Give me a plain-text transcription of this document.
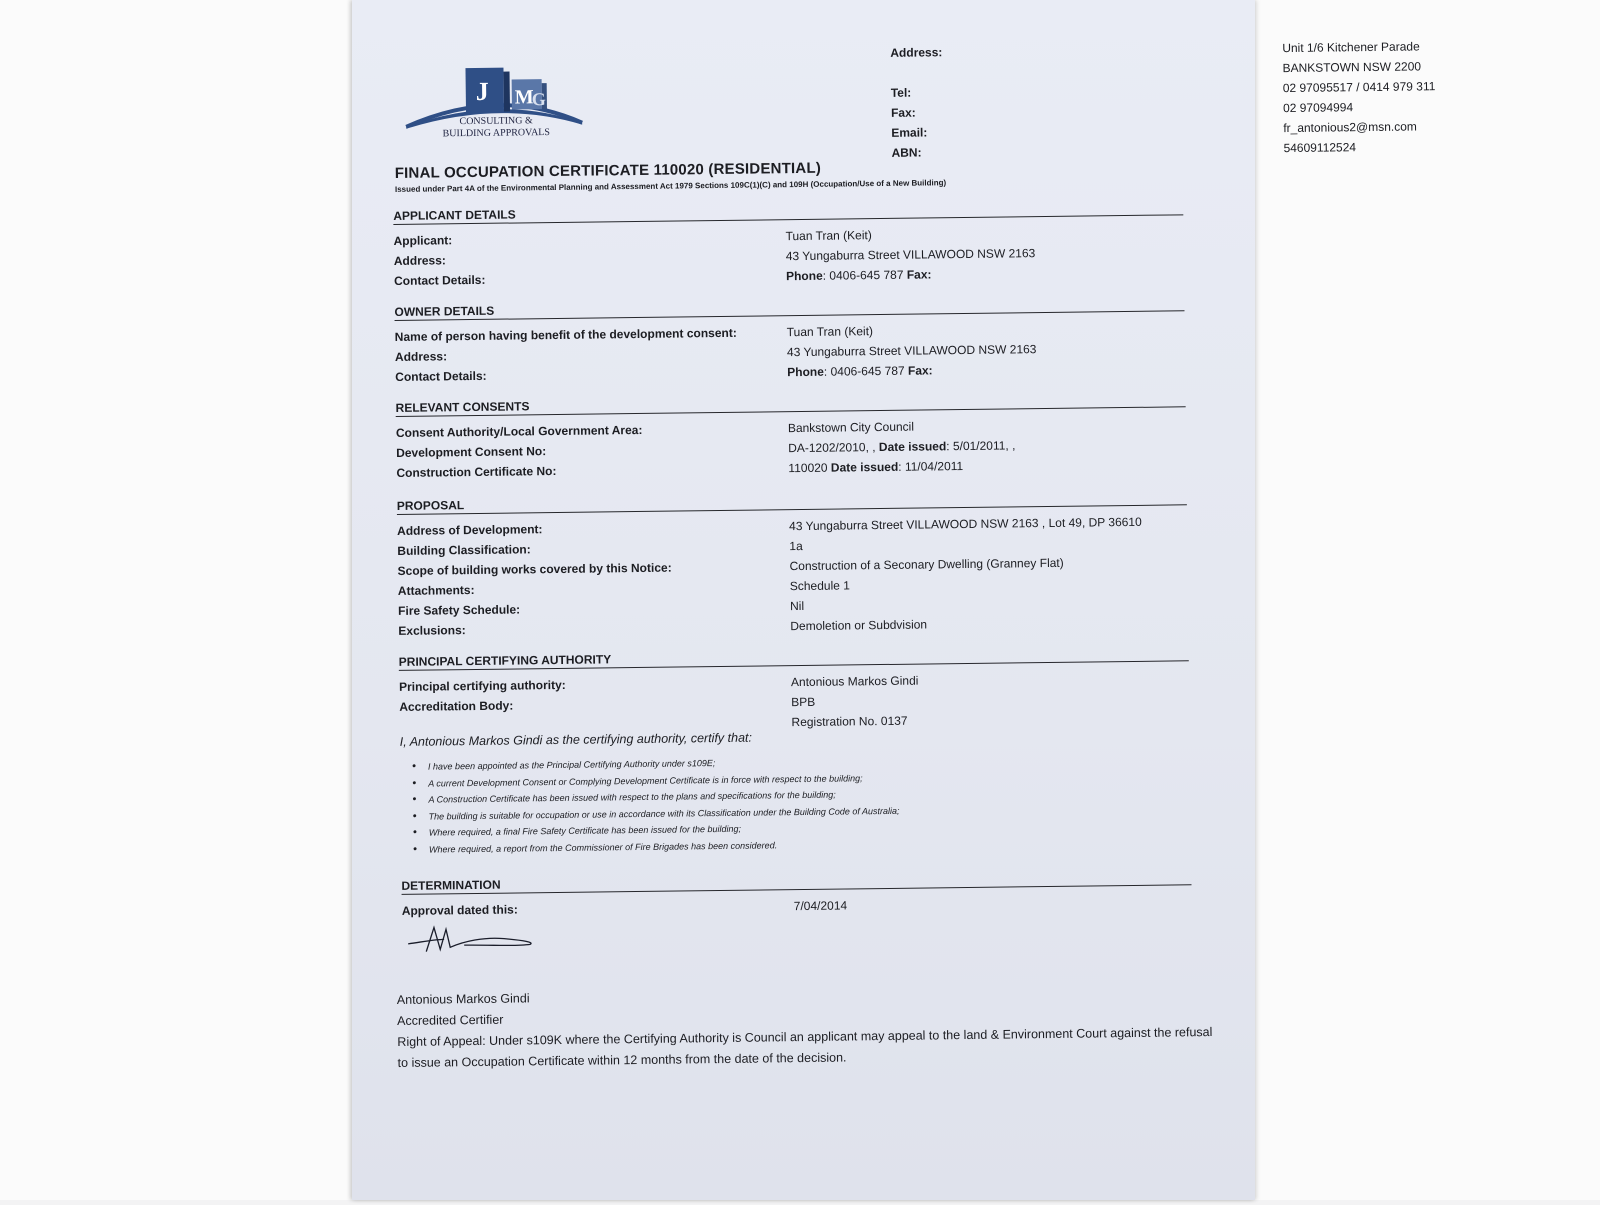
J M
G
CONSULTING &
BUILDING APPROVALS
Address:	Unit 1/6 Kitchener Parade
BANKSTOWN NSW 2200
Tel:	02 97095517 / 0414 979 311
Fax:	02 97094994
Email:	fr_antonious2@msn.com
ABN:	54609112524
FINAL OCCUPATION CERTIFICATE 110020 (RESIDENTIAL)
Issued under Part 4A of the Environmental Planning and Assessment Act 1979 Sections 109C(1)(C) and 109H (Occupation/Use of a New Building)
APPLICANT DETAILS
Applicant:	Tuan Tran (Keit)
Address:	43 Yungaburra Street VILLAWOOD NSW 2163
Contact Details:	Phone: 0406-645 787 Fax:
OWNER DETAILS
Name of person having benefit of the development consent:	Tuan Tran (Keit)
Address:	43 Yungaburra Street VILLAWOOD NSW 2163
Contact Details:	Phone: 0406-645 787 Fax:
RELEVANT CONSENTS
Consent Authority/Local Government Area:	Bankstown City Council
Development Consent No:	DA-1202/2010, , Date issued: 5/01/2011, ,
Construction Certificate No:	110020 Date issued: 11/04/2011
PROPOSAL
Address of Development:	43 Yungaburra Street VILLAWOOD NSW 2163 , Lot 49, DP 36610
Building Classification:	1a
Scope of building works covered by this Notice:	Construction of a Seconary Dwelling (Granney Flat)
Attachments:	Schedule 1
Fire Safety Schedule:	Nil
Exclusions:	Demoletion or Subdvision
PRINCIPAL CERTIFYING AUTHORITY
Principal certifying authority:	Antonious Markos Gindi
Accreditation Body:	BPB
Registration No. 0137
I, Antonious Markos Gindi as the certifying authority, certify that:
● I have been appointed as the Principal Certifying Authority under s109E;
● A current Development Consent or Complying Development Certificate is in force with respect to the building;
● A Construction Certificate has been issued with respect to the plans and specifications for the building;
● The building is suitable for occupation or use in accordance with its Classification under the Building Code of Australia;
● Where required, a final Fire Safety Certificate has been issued for the building;
● Where required, a report from the Commissioner of Fire Brigades has been considered.
DETERMINATION
Approval dated this:	7/04/2014
Antonious Markos Gindi
Accredited Certifier
Right of Appeal: Under s109K where the Certifying Authority is Council an applicant may appeal to the land & Environment Court against the refusal to issue an Occupation Certificate within 12 months from the date of the decision.
